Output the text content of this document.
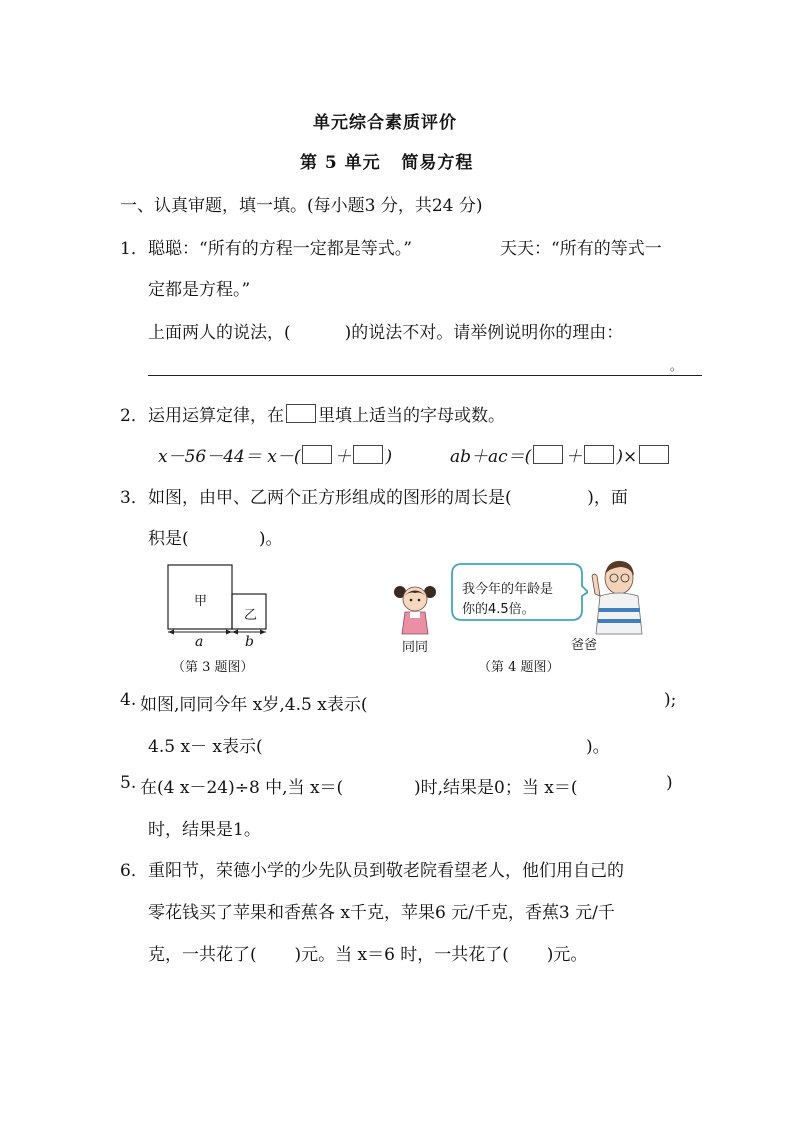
单元综合素质评价
第 5 单元   简易方程
一、认真审题，填一填。(每小题3 分，共24 分)
1． 聪聪：“所有的方程一定都是等式。”	天天：“所有的等式一
定都是方程。”
上面两人的说法，(          )的说法不对。请举例说明你的理由：
。
2． 运用运算定律，在 里填上适当的字母或数。
x－56－44＝ x－( ＋ )	ab＋ac＝( ＋ )×
3． 如图，由甲、乙两个正方形组成的图形的周长是(              )，面
积是(             )。
甲
乙
a	b
（第 3 题图）
同同
我今年的年龄是
你的4.5倍。
爸爸
（第 4 题图）
4. 如图,同同今年 x岁,4.5 x表示(	);
4.5 x－ x表示(	)。
5. 在(4 x－24)÷8 中,当 x＝(	)时,结果是0；当 x＝(	)
时，结果是1。
6． 重阳节，荣德小学的少先队员到敬老院看望老人，他们用自己的
零花钱买了苹果和香蕉各 x千克，苹果6 元/千克，香蕉3 元/千
克，一共花了(       )元。当 x＝6 时，一共花了(       )元。
